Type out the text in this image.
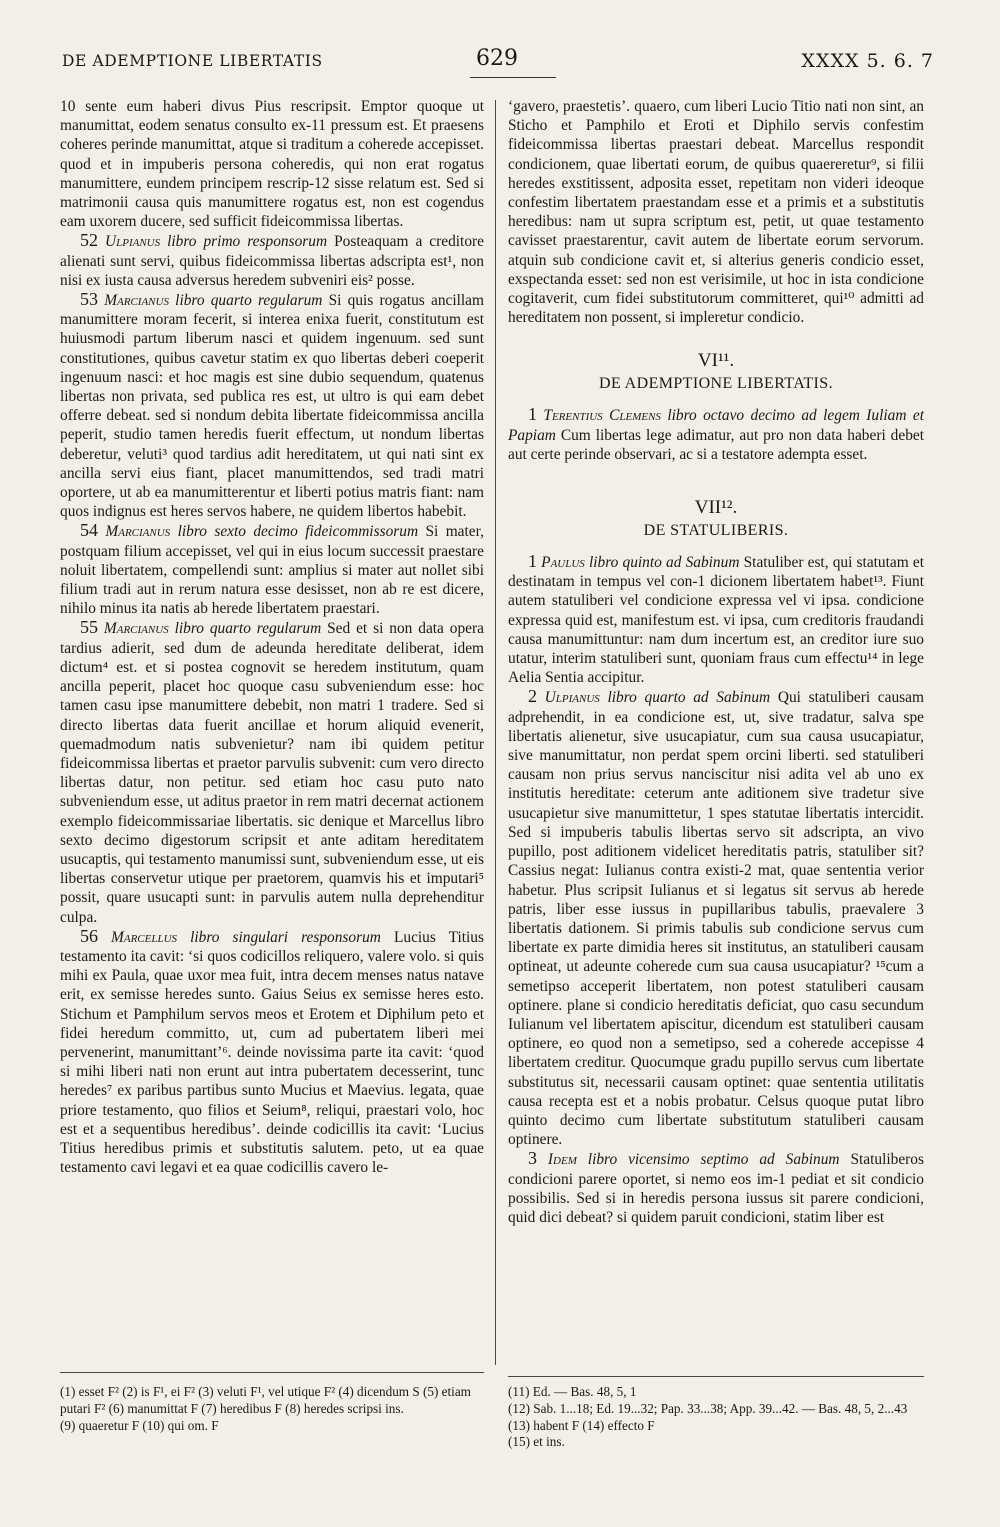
DE ADEMPTIONE LIBERTATIS	629	XXXX 5. 6. 7

10 sente eum haberi divus Pius rescripsit. Emptor quoque ut manumittat, eodem senatus consulto ex-11 pressum est. Et praesens coheres perinde manumittat, atque si traditum a coherede accepisset. quod et in impuberis persona coheredis, qui non erat rogatus manumittere, eundem principem rescrip-12 sisse relatum est. Sed si matrimonii causa quis manumittere rogatus est, non est cogendus eam uxorem ducere, sed sufficit fideicommissa libertas.

52 Ulpianus libro primo responsorum Posteaquam a creditore alienati sunt servi, quibus fideicommissa libertas adscripta est¹, non nisi ex iusta causa adversus heredem subveniri eis² posse.

53 Marcianus libro quarto regularum Si quis rogatus ancillam manumittere moram fecerit, si interea enixa fuerit, constitutum est huiusmodi partum liberum nasci et quidem ingenuum. sed sunt constitutiones, quibus cavetur statim ex quo libertas deberi coeperit ingenuum nasci: et hoc magis est sine dubio sequendum, quatenus libertas non privata, sed publica res est, ut ultro is qui eam debet offerre debeat. sed si nondum debita libertate fideicommissa ancilla peperit, studio tamen heredis fuerit effectum, ut nondum libertas deberetur, veluti³ quod tardius adit hereditatem, ut qui nati sint ex ancilla servi eius fiant, placet manumittendos, sed tradi matri oportere, ut ab ea manumitterentur et liberti potius matris fiant: nam quos indignus est heres servos habere, ne quidem libertos habebit.

54 Marcianus libro sexto decimo fideicommissorum Si mater, postquam filium accepisset, vel qui in eius locum successit praestare noluit libertatem, compellendi sunt: amplius si mater aut nollet sibi filium tradi aut in rerum natura esse desisset, non ab re est dicere, nihilo minus ita natis ab herede libertatem praestari.

55 Marcianus libro quarto regularum Sed et si non data opera tardius adierit, sed dum de adeunda hereditate deliberat, idem dictum⁴ est. et si postea cognovit se heredem institutum, quam ancilla peperit, placet hoc quoque casu subveniendum esse: hoc tamen casu ipse manumittere debebit, non matri 1 tradere. Sed si directo libertas data fuerit ancillae et horum aliquid evenerit, quemadmodum natis subvenietur? nam ibi quidem petitur fideicommissa libertas et praetor parvulis subvenit: cum vero directo libertas datur, non petitur. sed etiam hoc casu puto nato subveniendum esse, ut aditus praetor in rem matri decernat actionem exemplo fideicommissariae libertatis. sic denique et Marcellus libro sexto decimo digestorum scripsit et ante aditam hereditatem usucaptis, qui testamento manumissi sunt, subveniendum esse, ut eis libertas conservetur utique per praetorem, quamvis his et imputari⁵ possit, quare usucapti sunt: in parvulis autem nulla deprehenditur culpa.

56 Marcellus libro singulari responsorum Lucius Titius testamento ita cavit: ‘si quos codicillos reliquero, valere volo. si quis mihi ex Paula, quae uxor mea fuit, intra decem menses natus natave erit, ex semisse heredes sunto. Gaius Seius ex semisse heres esto. Stichum et Pamphilum servos meos et Erotem et Diphilum peto et fidei heredum committo, ut, cum ad pubertatem liberi mei pervenerint, manumittant’⁶. deinde novissima parte ita cavit: ‘quod si mihi liberi nati non erunt aut intra pubertatem decesserint, tunc heredes⁷ ex paribus partibus sunto Mucius et Maevius. legata, quae priore testamento, quo filios et Seium⁸, reliqui, praestari volo, hoc est et a sequentibus heredibus’. deinde codicillis ita cavit: ‘Lucius Titius heredibus primis et substitutis salutem. peto, ut ea quae testamento cavi legavi et ea quae codicillis cavero le-

‘gavero, praestetis’. quaero, cum liberi Lucio Titio nati non sint, an Sticho et Pamphilo et Eroti et Diphilo servis confestim fideicommissa libertas praestari debeat. Marcellus respondit condicionem, quae libertati eorum, de quibus quaereretur⁹, si filii heredes exstitissent, adposita esset, repetitam non videri ideoque confestim libertatem praestandam esse et a primis et a substitutis heredibus: nam ut supra scriptum est, petit, ut quae testamento cavisset praestarentur, cavit autem de libertate eorum servorum. atquin sub condicione cavit et, si alterius generis condicio esset, exspectanda esset: sed non est verisimile, ut hoc in ista condicione cogitaverit, cum fidei substitutorum committeret, qui¹⁰ admitti ad hereditatem non possent, si impleretur condicio.

VI¹¹.
DE ADEMPTIONE LIBERTATIS.

1 Terentius Clemens libro octavo decimo ad legem Iuliam et Papiam Cum libertas lege adimatur, aut pro non data haberi debet aut certe perinde observari, ac si a testatore adempta esset.

VII¹².
DE STATULIBERIS.

1 Paulus libro quinto ad Sabinum Statuliber est, qui statutam et destinatam in tempus vel con-1 dicionem libertatem habet¹³. Fiunt autem statuliberi vel condicione expressa vel vi ipsa. condicione expressa quid est, manifestum est. vi ipsa, cum creditoris fraudandi causa manumittuntur: nam dum incertum est, an creditor iure suo utatur, interim statuliberi sunt, quoniam fraus cum effectu¹⁴ in lege Aelia Sentia accipitur.

2 Ulpianus libro quarto ad Sabinum Qui statuliberi causam adprehendit, in ea condicione est, ut, sive tradatur, salva spe libertatis alienetur, sive usucapiatur, cum sua causa usucapiatur, sive manumittatur, non perdat spem orcini liberti. sed statuliberi causam non prius servus nanciscitur nisi adita vel ab uno ex institutis hereditate: ceterum ante aditionem sive tradetur sive usucapietur sive manumittetur, 1 spes statutae libertatis intercidit. Sed si impuberis tabulis libertas servo sit adscripta, an vivo pupillo, post aditionem videlicet hereditatis patris, statuliber sit? Cassius negat: Iulianus contra existi-2 mat, quae sententia verior habetur. Plus scripsit Iulianus et si legatus sit servus ab herede patris, liber esse iussus in pupillaribus tabulis, praevalere 3 libertatis dationem. Si primis tabulis sub condicione servus cum libertate ex parte dimidia heres sit institutus, an statuliberi causam optineat, ut adeunte coherede cum sua causa usucapiatur? ¹⁵cum a semetipso acceperit libertatem, non potest statuliberi causam optinere. plane si condicio hereditatis deficiat, quo casu secundum Iulianum vel libertatem apiscitur, dicendum est statuliberi causam optinere, eo quod non a semetipso, sed a coherede accepisse 4 libertatem creditur. Quocumque gradu pupillo servus cum libertate substitutus sit, necessarii causam optinet: quae sententia utilitatis causa recepta est et a nobis probatur. Celsus quoque putat libro quinto decimo cum libertate substitutum statuliberi causam optinere.

3 Idem libro vicensimo septimo ad Sabinum Statuliberos condicioni parere oportet, si nemo eos im-1 pediat et sit condicio possibilis. Sed si in heredis persona iussus sit parere condicioni, quid dici debeat? si quidem paruit condicioni, statim liber est

(1) esset F² (2) is F¹, ei F² (3) veluti F¹, vel utique F² (4) dicendum S (5) etiam putari F² (6) manumittat F (7) heredibus F (8) heredes scripsi ins.
(9) quaeretur F (10) qui om. F
(11) Ed. — Bas. 48, 5, 1
(12) Sab. 1...18; Ed. 19...32; Pap. 33...38; App. 39...42. — Bas. 48, 5, 2...43 (13) habent F (14) effecto F
(15) et ins.
